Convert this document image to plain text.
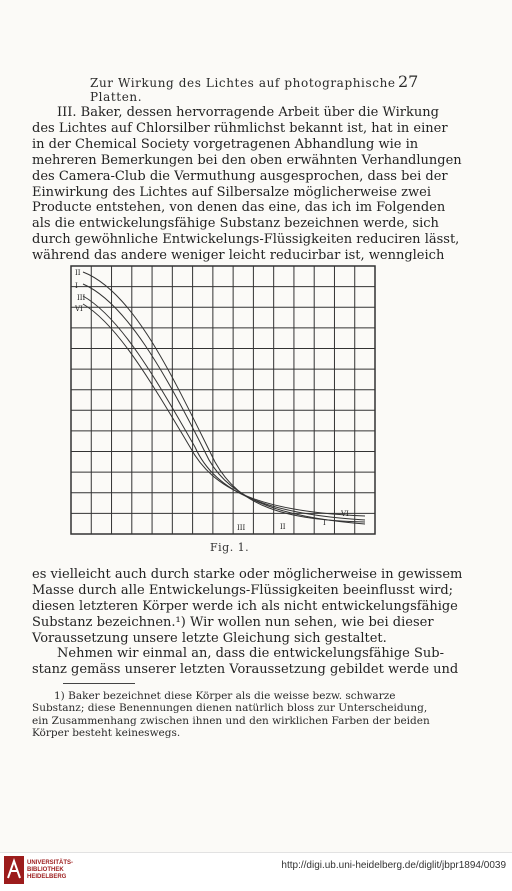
Zur Wirkung des Lichtes auf photographische Platten.
27
III. Baker, dessen hervorragende Arbeit über die Wirkung
des Lichtes auf Chlorsilber rühmlichst bekannt ist, hat in einer
in der Chemical Society vorgetragenen Abhandlung wie in
mehreren Bemerkungen bei den oben erwähnten Verhandlungen
des Camera-Club die Vermuthung ausgesprochen, dass bei der
Einwirkung des Lichtes auf Silbersalze möglicherweise zwei
Producte entstehen, von denen das eine, das ich im Folgenden
als die entwickelungsfähige Substanz bezeichnen werde, sich
durch gewöhnliche Entwickelungs-Flüssigkeiten reduciren lässt,
während das andere weniger leicht reducirbar ist, wenngleich
II
I
III
VI
III	II	I
VI
Fig. 1.
es vielleicht auch durch starke oder möglicherweise in gewissem
Masse durch alle Entwickelungs-Flüssigkeiten beeinflusst wird;
diesen letzteren Körper werde ich als nicht entwickelungsfähige
Substanz bezeichnen.¹) Wir wollen nun sehen, wie bei dieser
Voraussetzung unsere letzte Gleichung sich gestaltet.
Nehmen wir einmal an, dass die entwickelungsfähige Sub-
stanz gemäss unserer letzten Voraussetzung gebildet werde und
1) Baker bezeichnet diese Körper als die weisse bezw. schwarze
Substanz; diese Benennungen dienen natürlich bloss zur Unterscheidung,
ein Zusammenhang zwischen ihnen und den wirklichen Farben der beiden
Körper besteht keineswegs.
UNIVERSITÄTS-
BIBLIOTHEK
HEIDELBERG
http://digi.ub.uni-heidelberg.de/diglit/jbpr1894/0039
